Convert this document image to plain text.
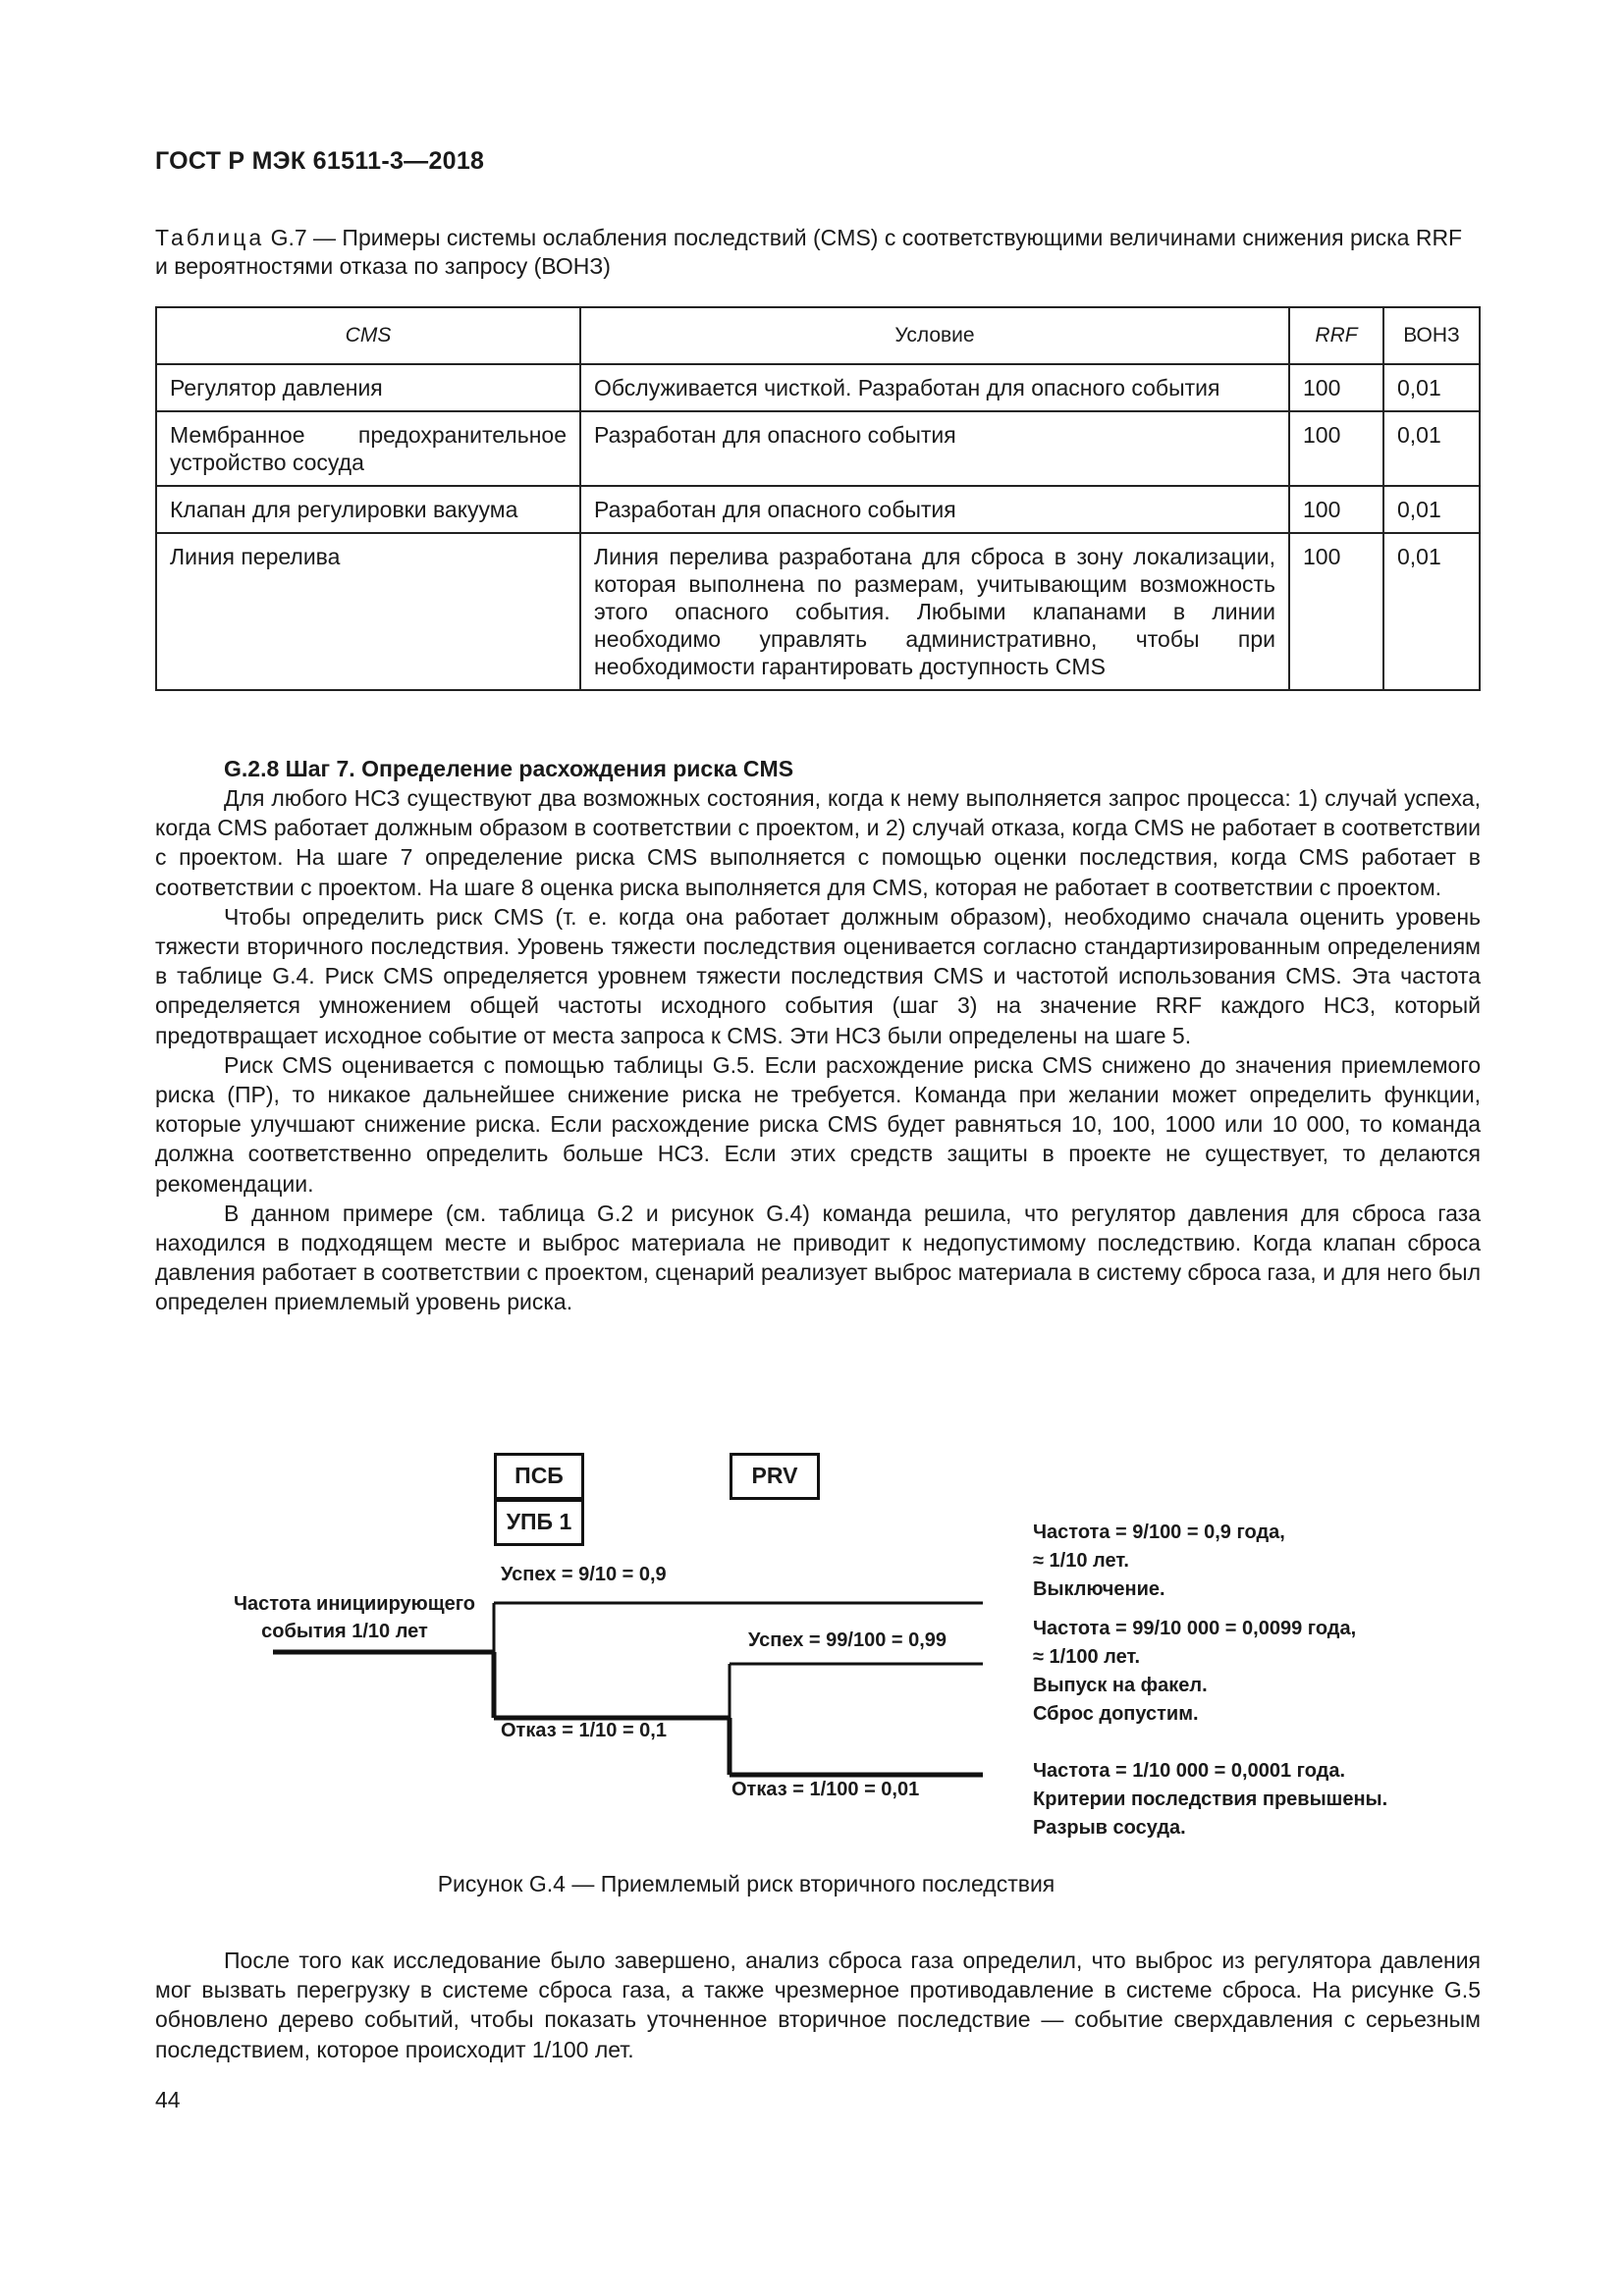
ГОСТ Р МЭК 61511-3—2018
Таблица G.7 — Примеры системы ослабления последствий (CMS) с соответствующими величинами снижения риска RRF и вероятностями отказа по запросу (ВОНЗ)
CMS	Условие	RRF	ВОНЗ
Регулятор давления	Обслуживается чисткой. Разработан для опасного события	100	0,01

Мембранное предохранительное
устройство сосуда	Разработан для опасного события	100	0,01
Клапан для регулировки вакуума	Разработан для опасного события	100	0,01
Линия перелива	Линия перелива разработана для сброса в зону локализации, которая выполнена по размерам, учитывающим возможность этого опасного события. Любыми клапанами в линии необходимо управлять административно, чтобы при необходимости гарантировать доступность CMS	100	0,01
G.2.8 Шаг 7. Определение расхождения риска CMS

Для любого НСЗ существуют два возможных состояния, когда к нему выполняется запрос процесса: 1) случай успеха, когда CMS работает должным образом в соответствии с проектом, и 2) случай отказа, когда CMS не работает в соответствии с проектом. На шаге 7 определение риска CMS выполняется с помощью оценки последствия, когда CMS работает в соответствии с проектом. На шаге 8 оценка риска выполняется для CMS, которая не работает в соответствии с проектом.

Чтобы определить риск CMS (т. е. когда она работает должным образом), необходимо сначала оценить уровень тяжести вторичного последствия. Уровень тяжести последствия оценивается согласно стандартизированным определениям в таблице G.4. Риск CMS определяется уровнем тяжести последствия CMS и частотой использования CMS. Эта частота определяется умножением общей частоты исходного события (шаг 3) на значение RRF каждого НСЗ, который предотвращает исходное событие от места запроса к CMS. Эти НСЗ были определены на шаге 5.

Риск CMS оценивается с помощью таблицы G.5. Если расхождение риска CMS снижено до значения приемлемого риска (ПР), то никакое дальнейшее снижение риска не требуется. Команда при желании может определить функции, которые улучшают снижение риска. Если расхождение риска CMS будет равняться 10, 100, 1000 или 10 000, то команда должна соответственно определить больше НСЗ. Если этих средств защиты в проекте не существует, то делаются рекомендации.

В данном примере (см. таблица G.2 и рисунок G.4) команда решила, что регулятор давления для сброса газа находился в подходящем месте и выброс материала не приводит к недопустимому последствию. Когда клапан сброса давления работает в соответствии с проектом, сценарий реализует выброс материала в систему сброса газа, и для него был определен приемлемый уровень риска.

ПСБ
УПБ 1
PRV
Частота инициирующего
события 1/10 лет
Успех = 9/10 = 0,9
Отказ = 1/10 = 0,1
Успех = 99/100 = 0,99
Отказ = 1/100 = 0,01
Частота = 9/100 = 0,9 года,
≈ 1/10 лет.
Выключение.
Частота = 99/10 000 = 0,0099 года,
≈ 1/100 лет.
Выпуск на факел.
Сброс допустим.
Частота = 1/10 000 = 0,0001 года.
Критерии последствия превышены.
Разрыв сосуда.
Рисунок G.4 — Приемлемый риск вторичного последствия

После того как исследование было завершено, анализ сброса газа определил, что выброс из регулятора давления мог вызвать перегрузку в системе сброса газа, а также чрезмерное противодавление в системе сброса. На рисунке G.5 обновлено дерево событий, чтобы показать уточненное вторичное последствие — событие сверхдавления с серьезным последствием, которое происходит 1/100 лет.

44
